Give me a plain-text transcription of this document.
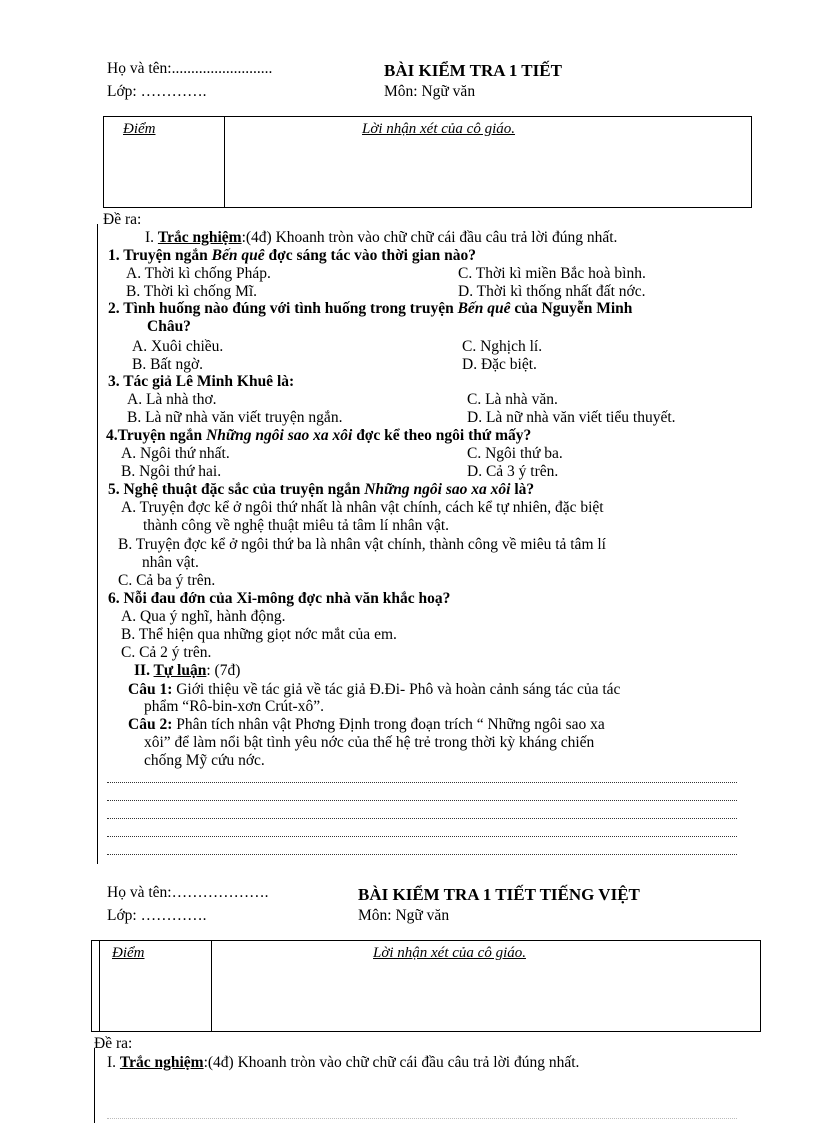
Họ và tên:..........................
Lớp: ………….
BÀI KIỂM TRA 1 TIẾT
Môn: Ngữ văn
Điểm	Lời nhận xét của cô giáo.
Đề ra:
I. Trắc nghiệm:(4đ) Khoanh tròn vào chữ chữ cái đầu câu trả lời đúng nhất.
1. Truyện ngắn Bến quê đợc sáng tác vào thời gian nào?
A. Thời kì chống Pháp.
B. Thời kì chống Mĩ.
C. Thời kì miền Bắc hoà bình.
D. Thời kì thống nhất đất nớc.
2. Tình huống nào đúng với tình huống trong truyện Bến quê của Nguyễn Minh
Châu?
A. Xuôi chiều.
B. Bất ngờ.
C. Nghịch lí.
D. Đặc biệt.
3. Tác giả Lê Minh Khuê là:
A. Là nhà thơ.
B. Là nữ nhà văn viết truyện ngắn.
C. Là nhà văn.
D. Là nữ nhà văn viết tiểu thuyết.
4.Truyện ngắn Những ngôi sao xa xôi đợc kể theo ngôi thứ mấy?
A. Ngôi thứ nhất.
B. Ngôi thứ hai.
C. Ngôi thứ ba.
D. Cả 3 ý trên.
5. Nghệ thuật đặc sắc của truyện ngắn Những ngôi sao xa xôi là?
A. Truyện đợc kể ở ngôi thứ nhất là nhân vật chính, cách kể tự nhiên, đặc biệt
thành công về nghệ thuật miêu tả tâm lí nhân vật.
B. Truyện đợc kể ở ngôi thứ ba là nhân vật chính, thành công về miêu tả tâm lí
nhân vật.
C. Cả ba ý trên.
6. Nỗi đau đớn của Xi-mông đợc nhà văn khắc hoạ?
A. Qua ý nghĩ, hành động.
B. Thể hiện qua những giọt nớc mắt của em.
C. Cả 2 ý trên.
II. Tự luận: (7đ)
Câu 1: Giới thiệu về tác giả về tác giả Đ.Đi- Phô và hoàn cảnh sáng tác của tác
phẩm “Rô-bin-xơn Crút-xô”.
Câu 2: Phân tích nhân vật Phơng Định trong đoạn trích “ Những ngôi sao xa
xôi” để làm nổi bật tình yêu nớc của thế hệ trẻ trong thời kỳ kháng chiến
chống Mỹ cứu nớc.
Họ và tên:……………….
Lớp: ………….
BÀI KIỂM TRA 1 TIẾT TIẾNG VIỆT
Môn: Ngữ văn
Điểm	Lời nhận xét của cô giáo.
Đề ra:
I. Trắc nghiệm:(4đ) Khoanh tròn vào chữ chữ cái đầu câu trả lời đúng nhất.
